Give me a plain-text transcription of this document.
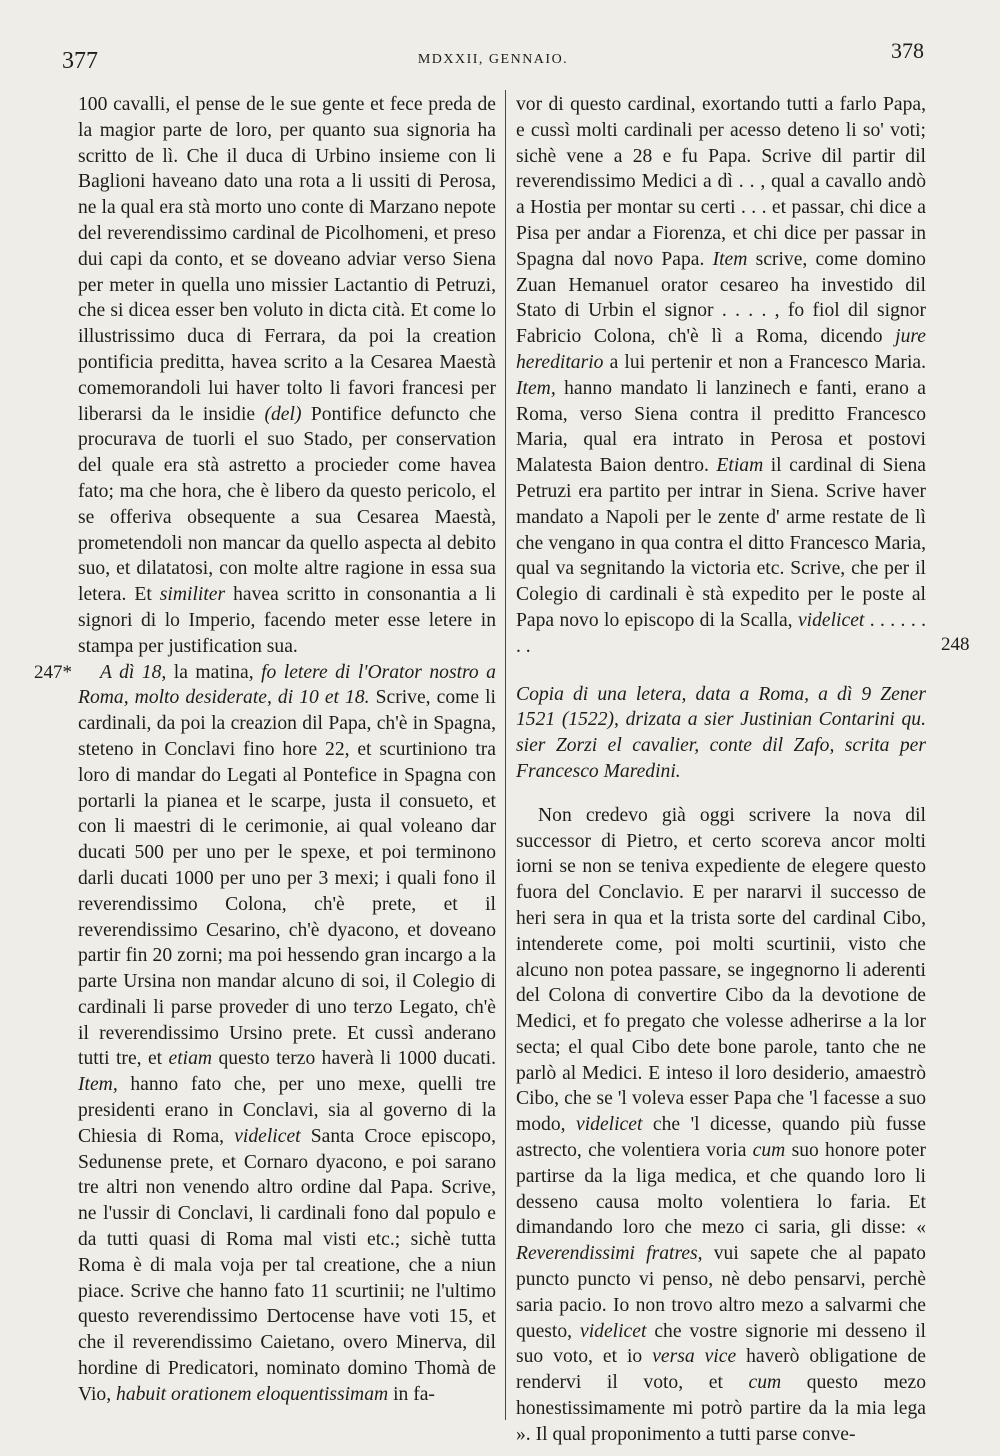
377	MDXXII, GENNAIO.	378
247*
248

100 cavalli, el pense de le sue gente et fece preda de la magior parte de loro, per quanto sua signoria ha scritto de lì. Che il duca di Urbino insieme con li Baglioni haveano dato una rota a li ussiti di Perosa, ne la qual era stà morto uno conte di Marzano nepote del reverendissimo cardinal de Picolhomeni, et preso dui capi da conto, et se doveano adviar verso Siena per meter in quella uno missier Lactantio di Petruzi, che si dicea esser ben voluto in dicta cità. Et come lo illustrissimo duca di Ferrara, da poi la creation pontificia preditta, havea scrito a la Cesarea Maestà comemorandoli lui haver tolto li favori francesi per liberarsi da le insidie (del) Pontifice defuncto che procurava de tuorli el suo Stado, per conservation del quale era stà astretto a procieder come havea fato; ma che hora, che è libero da questo pericolo, el se offeriva obsequente a sua Cesarea Maestà, prometendoli non mancar da quello aspecta al debito suo, et dilatatosi, con molte altre ragione in essa sua letera. Et similiter havea scritto in consonantia a li signori di lo Imperio, facendo meter esse letere in stampa per justification sua.

A dì 18, la matina, fo letere di l'Orator nostro a Roma, molto desiderate, di 10 et 18. Scrive, come li cardinali, da poi la creazion dil Papa, ch'è in Spagna, steteno in Conclavi fino hore 22, et scurtiniono tra loro di mandar do Legati al Pontefice in Spagna con portarli la pianea et le scarpe, justa il consueto, et con li maestri di le cerimonie, ai qual voleano dar ducati 500 per uno per le spexe, et poi terminono darli ducati 1000 per uno per 3 mexi; i quali fono il reverendissimo Colona, ch'è prete, et il reverendissimo Cesarino, ch'è dyacono, et doveano partir fin 20 zorni; ma poi hessendo gran incargo a la parte Ursina non mandar alcuno di soi, il Colegio di cardinali li parse proveder di uno terzo Legato, ch'è il reverendissimo Ursino prete. Et cussì anderano tutti tre, et etiam questo terzo haverà li 1000 ducati. Item, hanno fato che, per uno mexe, quelli tre presidenti erano in Conclavi, sia al governo di la Chiesia di Roma, videlicet Santa Croce episcopo, Sedunense prete, et Cornaro dyacono, e poi sarano tre altri non venendo altro ordine dal Papa. Scrive, ne l'ussir di Conclavi, li cardinali fono dal populo e da tutti quasi di Roma mal visti etc.; sichè tutta Roma è di mala voja per tal creatione, che a niun piace. Scrive che hanno fato 11 scurtinii; ne l'ultimo questo reverendissimo Dertocense have voti 15, et che il reverendissimo Caietano, overo Minerva, dil hordine di Predicatori, nominato domino Thomà de Vio, habuit orationem eloquentissimam in fa-

vor di questo cardinal, exortando tutti a farlo Papa, e cussì molti cardinali per acesso deteno li so' voti; sichè vene a 28 e fu Papa. Scrive dil partir dil reverendissimo Medici a dì . . , qual a cavallo andò a Hostia per montar su certi . . . et passar, chi dice a Pisa per andar a Fiorenza, et chi dice per passar in Spagna dal novo Papa. Item scrive, come domino Zuan Hemanuel orator cesareo ha investido dil Stato di Urbin el signor . . . . , fo fiol dil signor Fabricio Colona, ch'è lì a Roma, dicendo jure hereditario a lui pertenir et non a Francesco Maria. Item, hanno mandato li lanzinech e fanti, erano a Roma, verso Siena contra il preditto Francesco Maria, qual era intrato in Perosa et postovi Malatesta Baion dentro. Etiam il cardinal di Siena Petruzi era partito per intrar in Siena. Scrive haver mandato a Napoli per le zente d' arme restate de lì che vengano in qua contra el ditto Francesco Maria, qual va segnitando la victoria etc. Scrive, che per il Colegio di cardinali è stà expedito per le poste al Papa novo lo episcopo di la Scalla, videlicet . . . . . . . .

Copia di una letera, data a Roma, a dì 9 Zener 1521 (1522), drizata a sier Justinian Contarini qu. sier Zorzi el cavalier, conte dil Zafo, scrita per Francesco Maredini.

Non credevo già oggi scrivere la nova dil successor di Pietro, et certo scoreva ancor molti iorni se non se teniva expediente de elegere questo fuora del Conclavio. E per nararvi il successo de heri sera in qua et la trista sorte del cardinal Cibo, intenderete come, poi molti scurtinii, visto che alcuno non potea passare, se ingegnorno li aderenti del Colona di convertire Cibo da la devotione de Medici, et fo pregato che volesse adherirse a la lor secta; el qual Cibo dete bone parole, tanto che ne parlò al Medici. E inteso il loro desiderio, amaestrò Cibo, che se 'l voleva esser Papa che 'l facesse a suo modo, videlicet che 'l dicesse, quando più fusse astrecto, che volentiera voria cum suo honore poter partirse da la liga medica, et che quando loro li desseno causa molto volentiera lo faria. Et dimandando loro che mezo ci saria, gli disse: « Reverendissimi fratres, vui sapete che al papato puncto puncto vi penso, nè debo pensarvi, perchè saria pacio. Io non trovo altro mezo a salvarmi che questo, videlicet che vostre signorie mi desseno il suo voto, et io versa vice haverò obligatione de rendervi il voto, et cum questo mezo honestissimamente mi potrò partire da la mia lega ». Il qual proponimento a tutti parse conve-
